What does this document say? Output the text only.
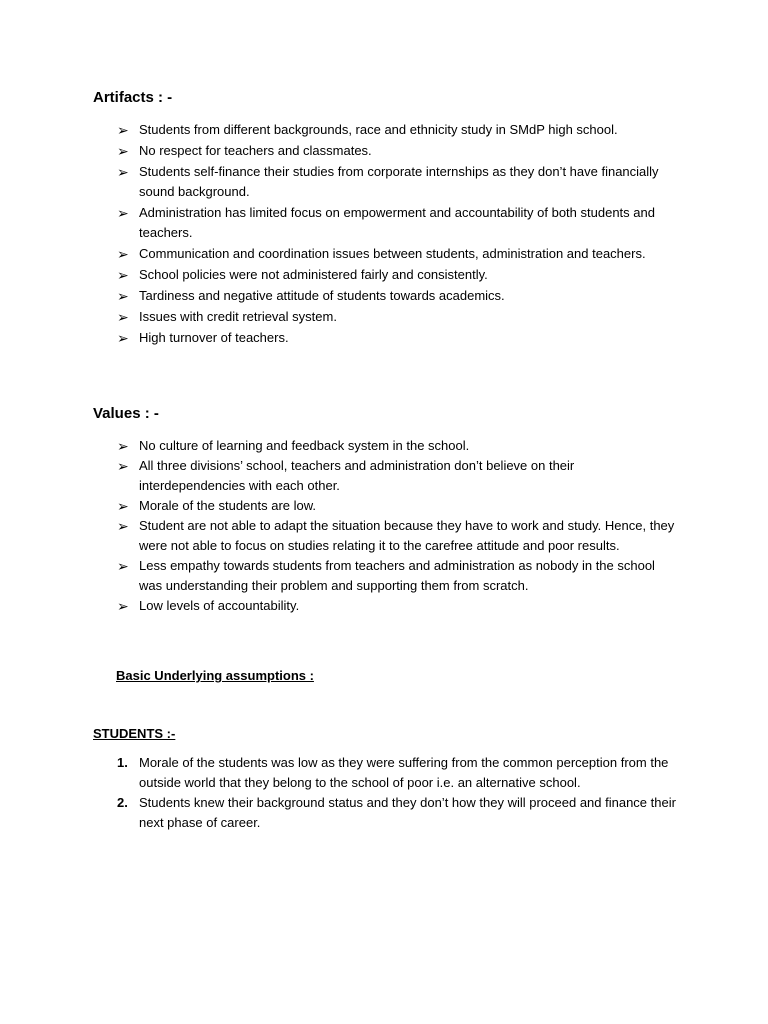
Artifacts : -
➢ Students from different backgrounds, race and ethnicity study in SMdP high school.
➢ No respect for teachers and classmates.
➢ Students self-finance their studies from corporate internships as they don’t have financially sound background.
➢ Administration has limited focus on empowerment and accountability of both students and teachers.
➢ Communication and coordination issues between students, administration and teachers.
➢ School policies were not administered fairly and consistently.
➢ Tardiness and negative attitude of students towards academics.
➢ Issues with credit retrieval system.
➢ High turnover of teachers.
Values : -
➢ No culture of learning and feedback system in the school.
➢ All three divisions’ school, teachers and administration don’t believe on their interdependencies with each other.
➢ Morale of the students are low.
➢ Student are not able to adapt the situation because they have to work and study. Hence, they were not able to focus on studies relating it to the carefree attitude and poor results.
➢ Less empathy towards students from teachers and administration as nobody in the school was understanding their problem and supporting them from scratch.
➢ Low levels of accountability.
Basic Underlying assumptions :
STUDENTS :-
1. Morale of the students was low as they were suffering from the common perception from the outside world that they belong to the school of poor i.e. an alternative school.
2. Students knew their background status and they don’t how they will proceed and finance their next phase of career.
